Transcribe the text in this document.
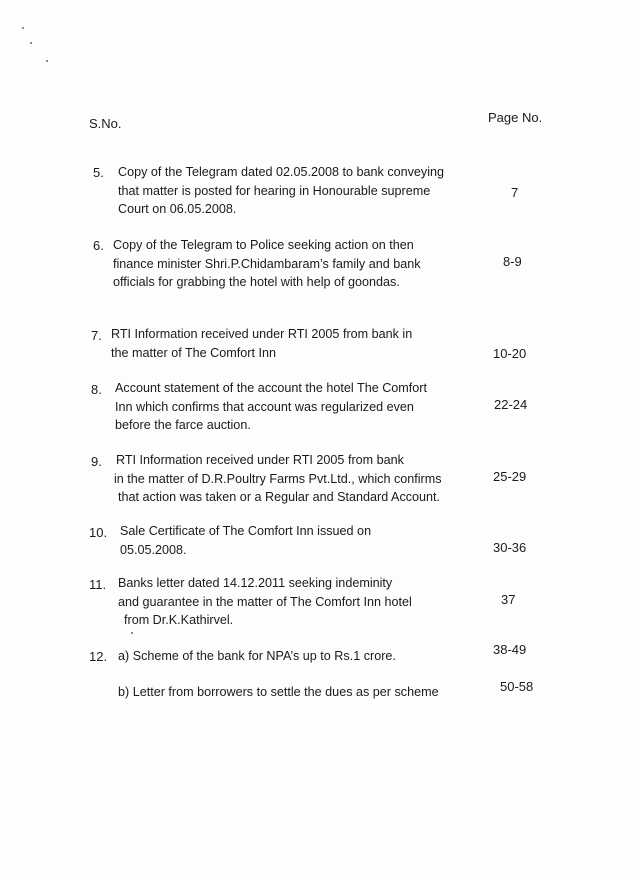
S.No.	Page No.
5. Copy of the Telegram dated 02.05.2008 to bank conveying
that matter is posted for hearing in Honourable supreme
Court on 06.05.2008.
7
6. Copy of the Telegram to Police seeking action on then
finance minister Shri.P.Chidambaram’s family and bank
officials for grabbing the hotel with help of goondas.
8-9
7. RTI Information received under RTI 2005 from bank in
the matter of The Comfort Inn	10-20
8. Account statement of the account the hotel The Comfort
Inn which confirms that account was regularized even
before the farce auction.
22-24
9. RTI Information received under RTI 2005 from bank
in the matter of D.R.Poultry Farms Pvt.Ltd., which confirms
that action was taken or a Regular and Standard Account.
25-29
10. Sale Certificate of The Comfort Inn issued on
05.05.2008.	30-36
11. Banks letter dated 14.12.2011 seeking indeminity
and guarantee in the matter of The Comfort Inn hotel
from Dr.K.Kathirvel.
37
12. a) Scheme of the bank for NPA’s up to Rs.1 crore.	38-49
b) Letter from borrowers to settle the dues as per scheme	50-58
